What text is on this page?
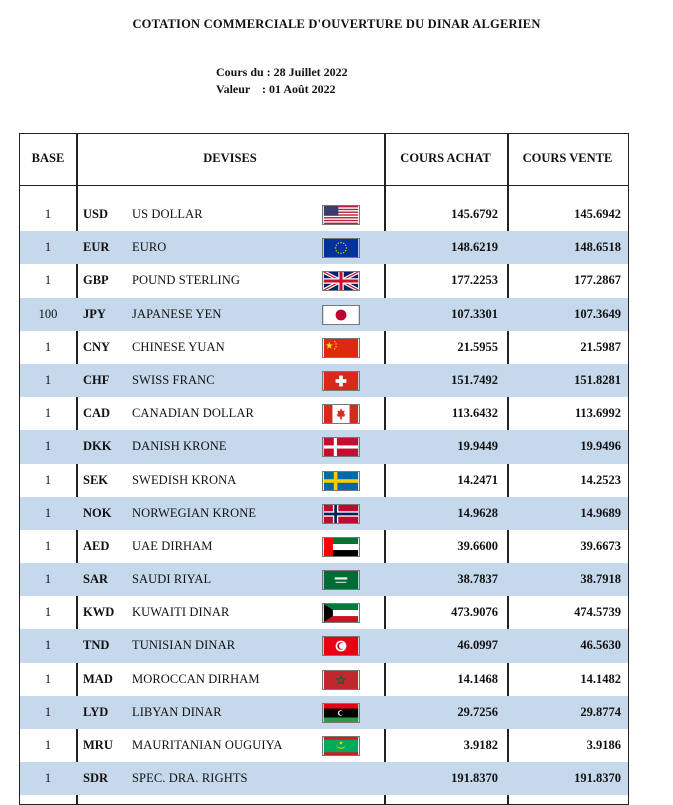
COTATION COMMERCIALE D'OUVERTURE DU DINAR ALGERIEN
Cours du : 28 Juillet 2022
Valeur    : 01 Août 2022
BASE	DEVISES	COURS ACHAT	COURS VENTE
1	USD US DOLLAR	145.6792	145.6942
1	EUR EURO	148.6219	148.6518
1	GBP POUND STERLING	177.2253	177.2867
100	JPY JAPANESE YEN	107.3301	107.3649
1	CNY CHINESE YUAN	21.5955	21.5987
1	CHF SWISS FRANC	151.7492	151.8281
1	CAD CANADIAN DOLLAR	113.6432	113.6992
1	DKK DANISH KRONE	19.9449	19.9496
1	SEK SWEDISH KRONA	14.2471	14.2523
1	NOK NORWEGIAN KRONE	14.9628	14.9689
1	AED UAE DIRHAM	39.6600	39.6673
1	SAR SAUDI RIYAL	38.7837	38.7918
1	KWD KUWAITI DINAR	473.9076	474.5739
1	TND TUNISIAN DINAR	46.0997	46.5630
1	MAD MOROCCAN DIRHAM	14.1468	14.1482
1	LYD LIBYAN DINAR	29.7256	29.8774
1	MRU MAURITANIAN OUGUIYA	3.9182	3.9186
1	SDR SPEC. DRA. RIGHTS	191.8370	191.8370
